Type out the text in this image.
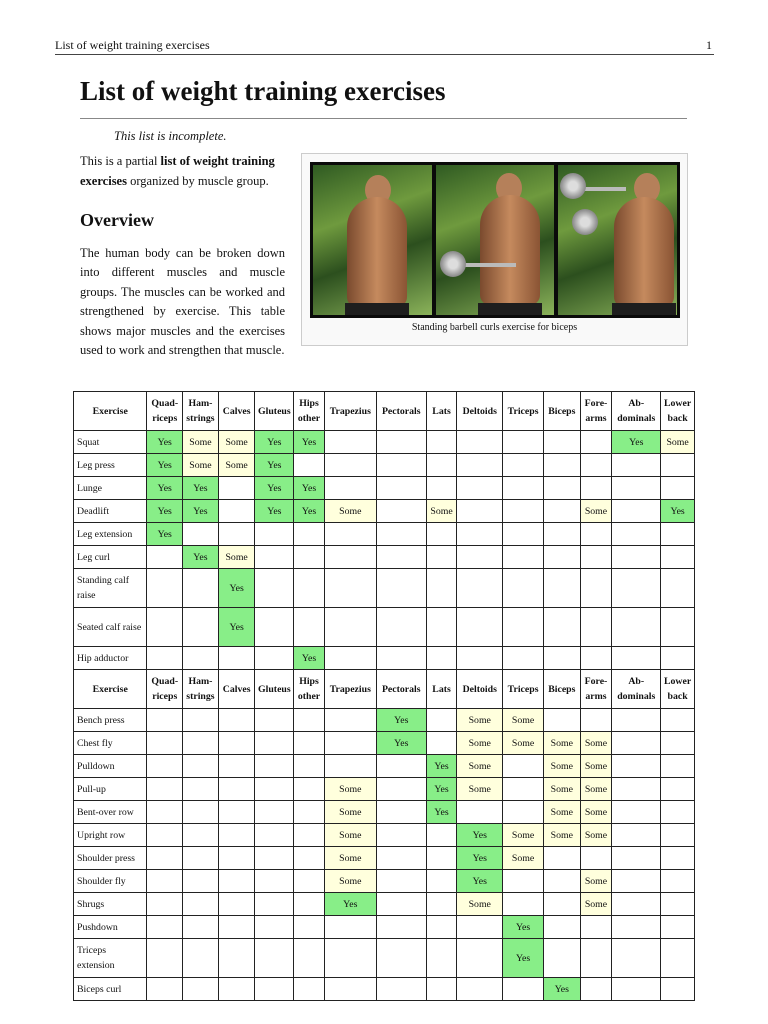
List of weight training exercises	1
List of weight training exercises
This list is incomplete.

This is a partial list of weight training exercises organized by muscle group.

Overview

The human body can be broken down into different muscles and muscle groups. The muscles can be worked and strengthened by exercise. This table shows major muscles and the exercises used to work and strengthen that muscle.

Standing barbell curls exercise for biceps
Exercise	Quad-riceps	Ham-strings	Calves	Gluteus	Hips other	Trapezius	Pectorals	Lats	Deltoids	Triceps	Biceps	Fore-arms	Ab-dominals	Lower back
Squat	Yes	Some	Some	Yes	Yes								Yes	Some
Leg press	Yes	Some	Some	Yes										
Lunge	Yes	Yes		Yes	Yes									
Deadlift	Yes	Yes		Yes	Yes	Some		Some				Some		Yes
Leg extension	Yes													
Leg curl		Yes	Some											
Standing calf raise			Yes											
Seated calf raise			Yes											
Hip adductor					Yes									
Exercise	Quad-riceps	Ham-strings	Calves	Gluteus	Hips other	Trapezius	Pectorals	Lats	Deltoids	Triceps	Biceps	Fore-arms	Ab-dominals	Lower back
Bench press							Yes		Some	Some				
Chest fly							Yes		Some	Some	Some	Some		
Pulldown								Yes	Some		Some	Some		
Pull-up						Some		Yes	Some		Some	Some		
Bent-over row						Some		Yes			Some	Some		
Upright row						Some			Yes	Some	Some	Some		
Shoulder press						Some			Yes	Some				
Shoulder fly						Some			Yes			Some		
Shrugs						Yes			Some			Some		
Pushdown										Yes				
Triceps extension										Yes				
Biceps curl											Yes			
